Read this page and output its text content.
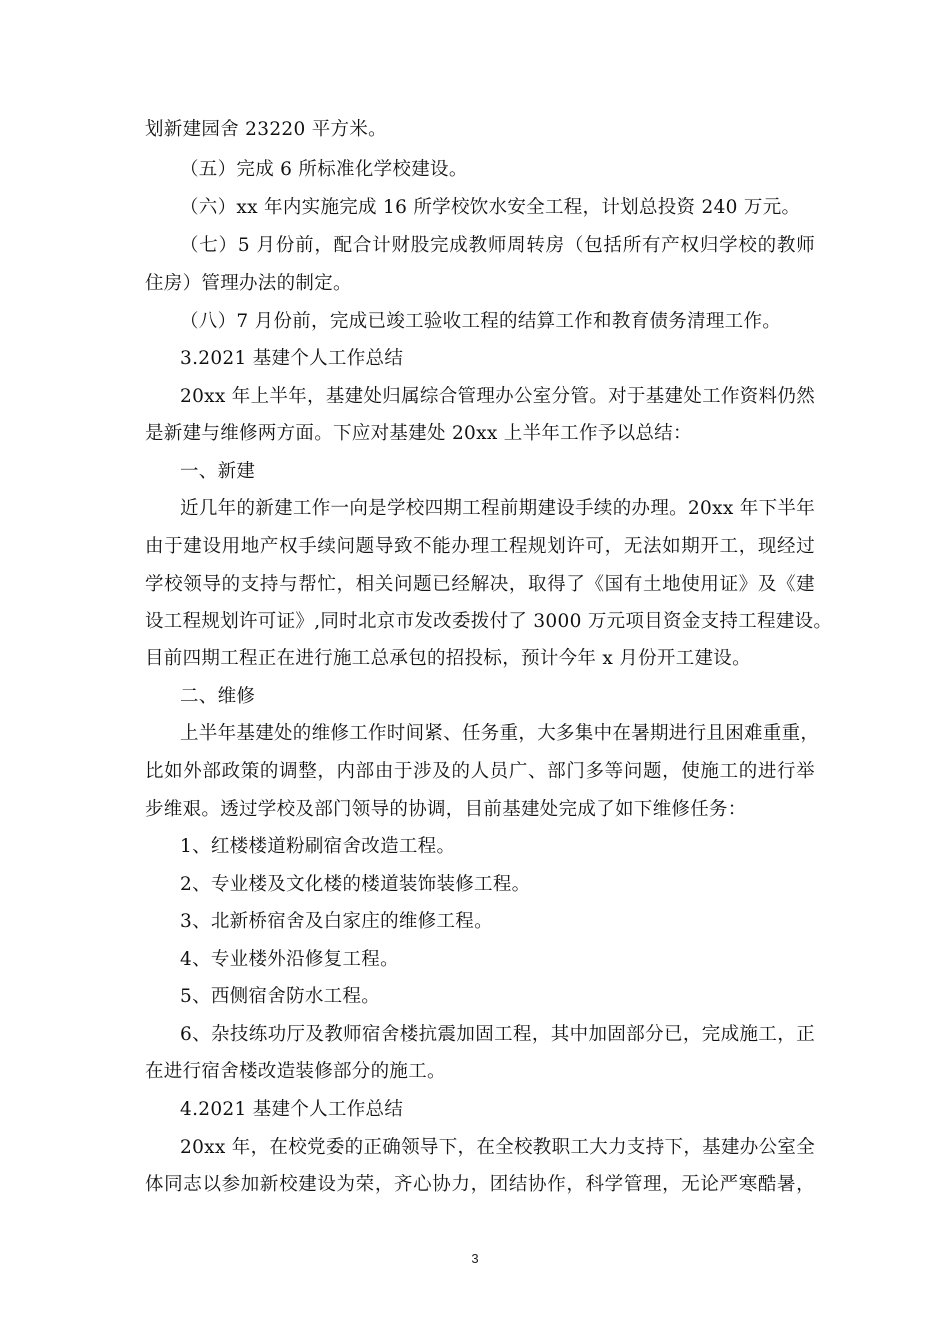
划新建园舍 23220 平方米。
（五）完成 6 所标准化学校建设。
（六）xx 年内实施完成 16 所学校饮水安全工程，计划总投资 240 万元。
（七）5 月份前，配合计财股完成教师周转房（包括所有产权归学校的教师
住房）管理办法的制定。
（八）7 月份前，完成已竣工验收工程的结算工作和教育债务清理工作。
3.2021 基建个人工作总结
20xx 年上半年，基建处归属综合管理办公室分管。对于基建处工作资料仍然
是新建与维修两方面。下应对基建处 20xx 上半年工作予以总结：
一、新建
近几年的新建工作一向是学校四期工程前期建设手续的办理。20xx 年下半年
由于建设用地产权手续问题导致不能办理工程规划许可，无法如期开工，现经过
学校领导的支持与帮忙，相关问题已经解决，取得了《国有土地使用证》及《建
设工程规划许可证》,同时北京市发改委拨付了 3000 万元项目资金支持工程建设。
目前四期工程正在进行施工总承包的招投标，预计今年 x 月份开工建设。
二、维修
上半年基建处的维修工作时间紧、任务重，大多集中在暑期进行且困难重重，
比如外部政策的调整，内部由于涉及的人员广、部门多等问题，使施工的进行举
步维艰。透过学校及部门领导的协调，目前基建处完成了如下维修任务：
1、红楼楼道粉刷宿舍改造工程。
2、专业楼及文化楼的楼道装饰装修工程。
3、北新桥宿舍及白家庄的维修工程。
4、专业楼外沿修复工程。
5、西侧宿舍防水工程。
6、杂技练功厅及教师宿舍楼抗震加固工程，其中加固部分已，完成施工，正
在进行宿舍楼改造装修部分的施工。
4.2021 基建个人工作总结
20xx 年，在校党委的正确领导下，在全校教职工大力支持下，基建办公室全
体同志以参加新校建设为荣，齐心协力，团结协作，科学管理，无论严寒酷暑，
3
